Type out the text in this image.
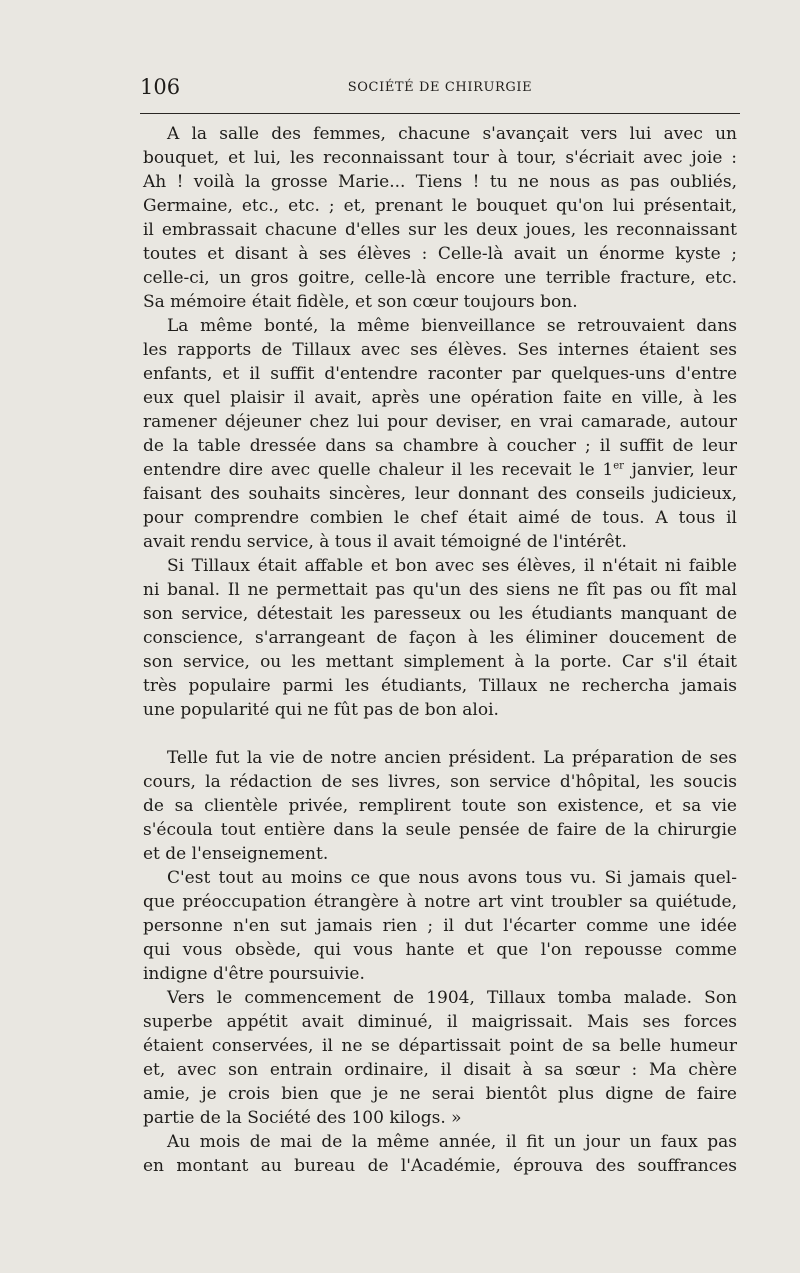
106	SOCIÉTÉ DE CHIRURGIE

A la salle des femmes, chacune s'avançait vers lui avec un
bouquet, et lui, les reconnaissant tour à tour, s'écriait avec joie :
Ah ! voilà la grosse Marie... Tiens ! tu ne nous as pas oubliés,
Germaine, etc., etc. ; et, prenant le bouquet qu'on lui présentait,
il embrassait chacune d'elles sur les deux joues, les reconnaissant
toutes et disant à ses élèves : Celle-là avait un énorme kyste ;
celle-ci, un gros goitre, celle-là encore une terrible fracture, etc.
Sa mémoire était fidèle, et son cœur toujours bon.

La même bonté, la même bienveillance se retrouvaient dans
les rapports de Tillaux avec ses élèves. Ses internes étaient ses
enfants, et il suffit d'entendre raconter par quelques-uns d'entre
eux quel plaisir il avait, après une opération faite en ville, à les
ramener déjeuner chez lui pour deviser, en vrai camarade, autour
de la table dressée dans sa chambre à coucher ; il suffit de leur
entendre dire avec quelle chaleur il les recevait le 1er janvier, leur
faisant des souhaits sincères, leur donnant des conseils judicieux,
pour comprendre combien le chef était aimé de tous. A tous il
avait rendu service, à tous il avait témoigné de l'intérêt.

Si Tillaux était affable et bon avec ses élèves, il n'était ni faible
ni banal. Il ne permettait pas qu'un des siens ne fît pas ou fît mal
son service, détestait les paresseux ou les étudiants manquant de
conscience, s'arrangeant de façon à les éliminer doucement de
son service, ou les mettant simplement à la porte. Car s'il était
très populaire parmi les étudiants, Tillaux ne rechercha jamais
une popularité qui ne fût pas de bon aloi.

Telle fut la vie de notre ancien président. La préparation de ses
cours, la rédaction de ses livres, son service d'hôpital, les soucis
de sa clientèle privée, remplirent toute son existence, et sa vie
s'écoula tout entière dans la seule pensée de faire de la chirurgie
et de l'enseignement.

C'est tout au moins ce que nous avons tous vu. Si jamais quel-
que préoccupation étrangère à notre art vint troubler sa quiétude,
personne n'en sut jamais rien ; il dut l'écarter comme une idée
qui vous obsède, qui vous hante et que l'on repousse comme
indigne d'être poursuivie.

Vers le commencement de 1904, Tillaux tomba malade. Son
superbe appétit avait diminué, il maigrissait. Mais ses forces
étaient conservées, il ne se départissait point de sa belle humeur
et, avec son entrain ordinaire, il disait à sa sœur : Ma chère
amie, je crois bien que je ne serai bientôt plus digne de faire
partie de la Société des 100 kilogs. »

Au mois de mai de la même année, il fit un jour un faux pas
en montant au bureau de l'Académie, éprouva des souffrances
